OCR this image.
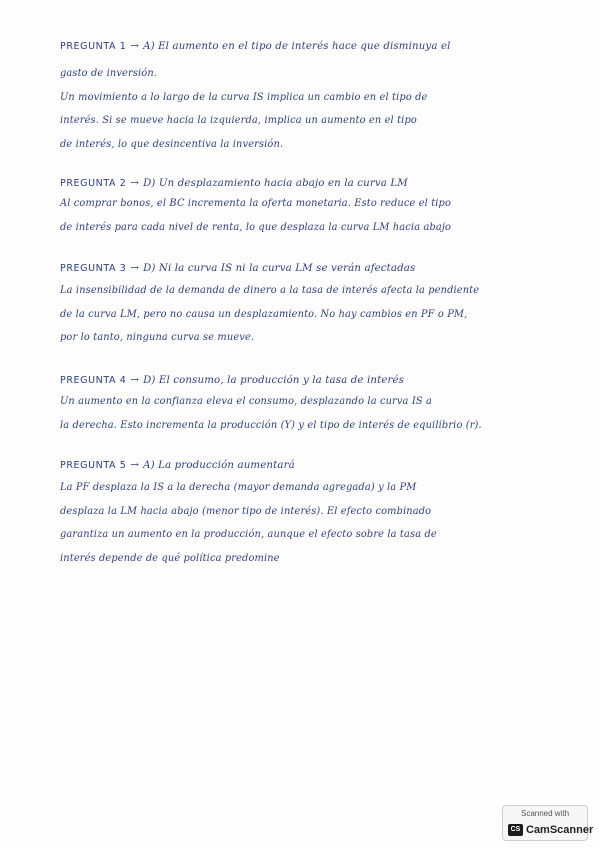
PREGUNTA 1 → A) El aumento en el tipo de interés hace que disminuya el
gasto de inversión.
Un movimiento a lo largo de la curva IS implica un cambio en el tipo de
interés. Si se mueve hacia la izquierda, implica un aumento en el tipo
de interés, lo que desincentiva la inversión.
PREGUNTA 2 → D) Un desplazamiento hacia abajo en la curva LM
Al comprar bonos, el BC incrementa la oferta monetaria. Esto reduce el tipo
de interés para cada nivel de renta, lo que desplaza la curva LM hacia abajo
PREGUNTA 3 → D) Ni la curva IS ni la curva LM se verán afectadas
La insensibilidad de la demanda de dinero a la tasa de interés afecta la pendiente
de la curva LM, pero no causa un desplazamiento. No hay cambios en PF o PM,
por lo tanto, ninguna curva se mueve.
PREGUNTA 4 → D) El consumo, la producción y la tasa de interés
Un aumento en la confianza eleva el consumo, desplazando la curva IS a
la derecha. Esto incrementa la producción (Y) y el tipo de interés de equilibrio (r).
PREGUNTA 5 → A) La producción aumentará
La PF desplaza la IS a la derecha (mayor demanda agregada) y la PM
desplaza la LM hacia abajo (menor tipo de interés). El efecto combinado
garantiza un aumento en la producción, aunque el efecto sobre la tasa de
interés depende de qué política predomine
Scanned with
CS CamScanner
